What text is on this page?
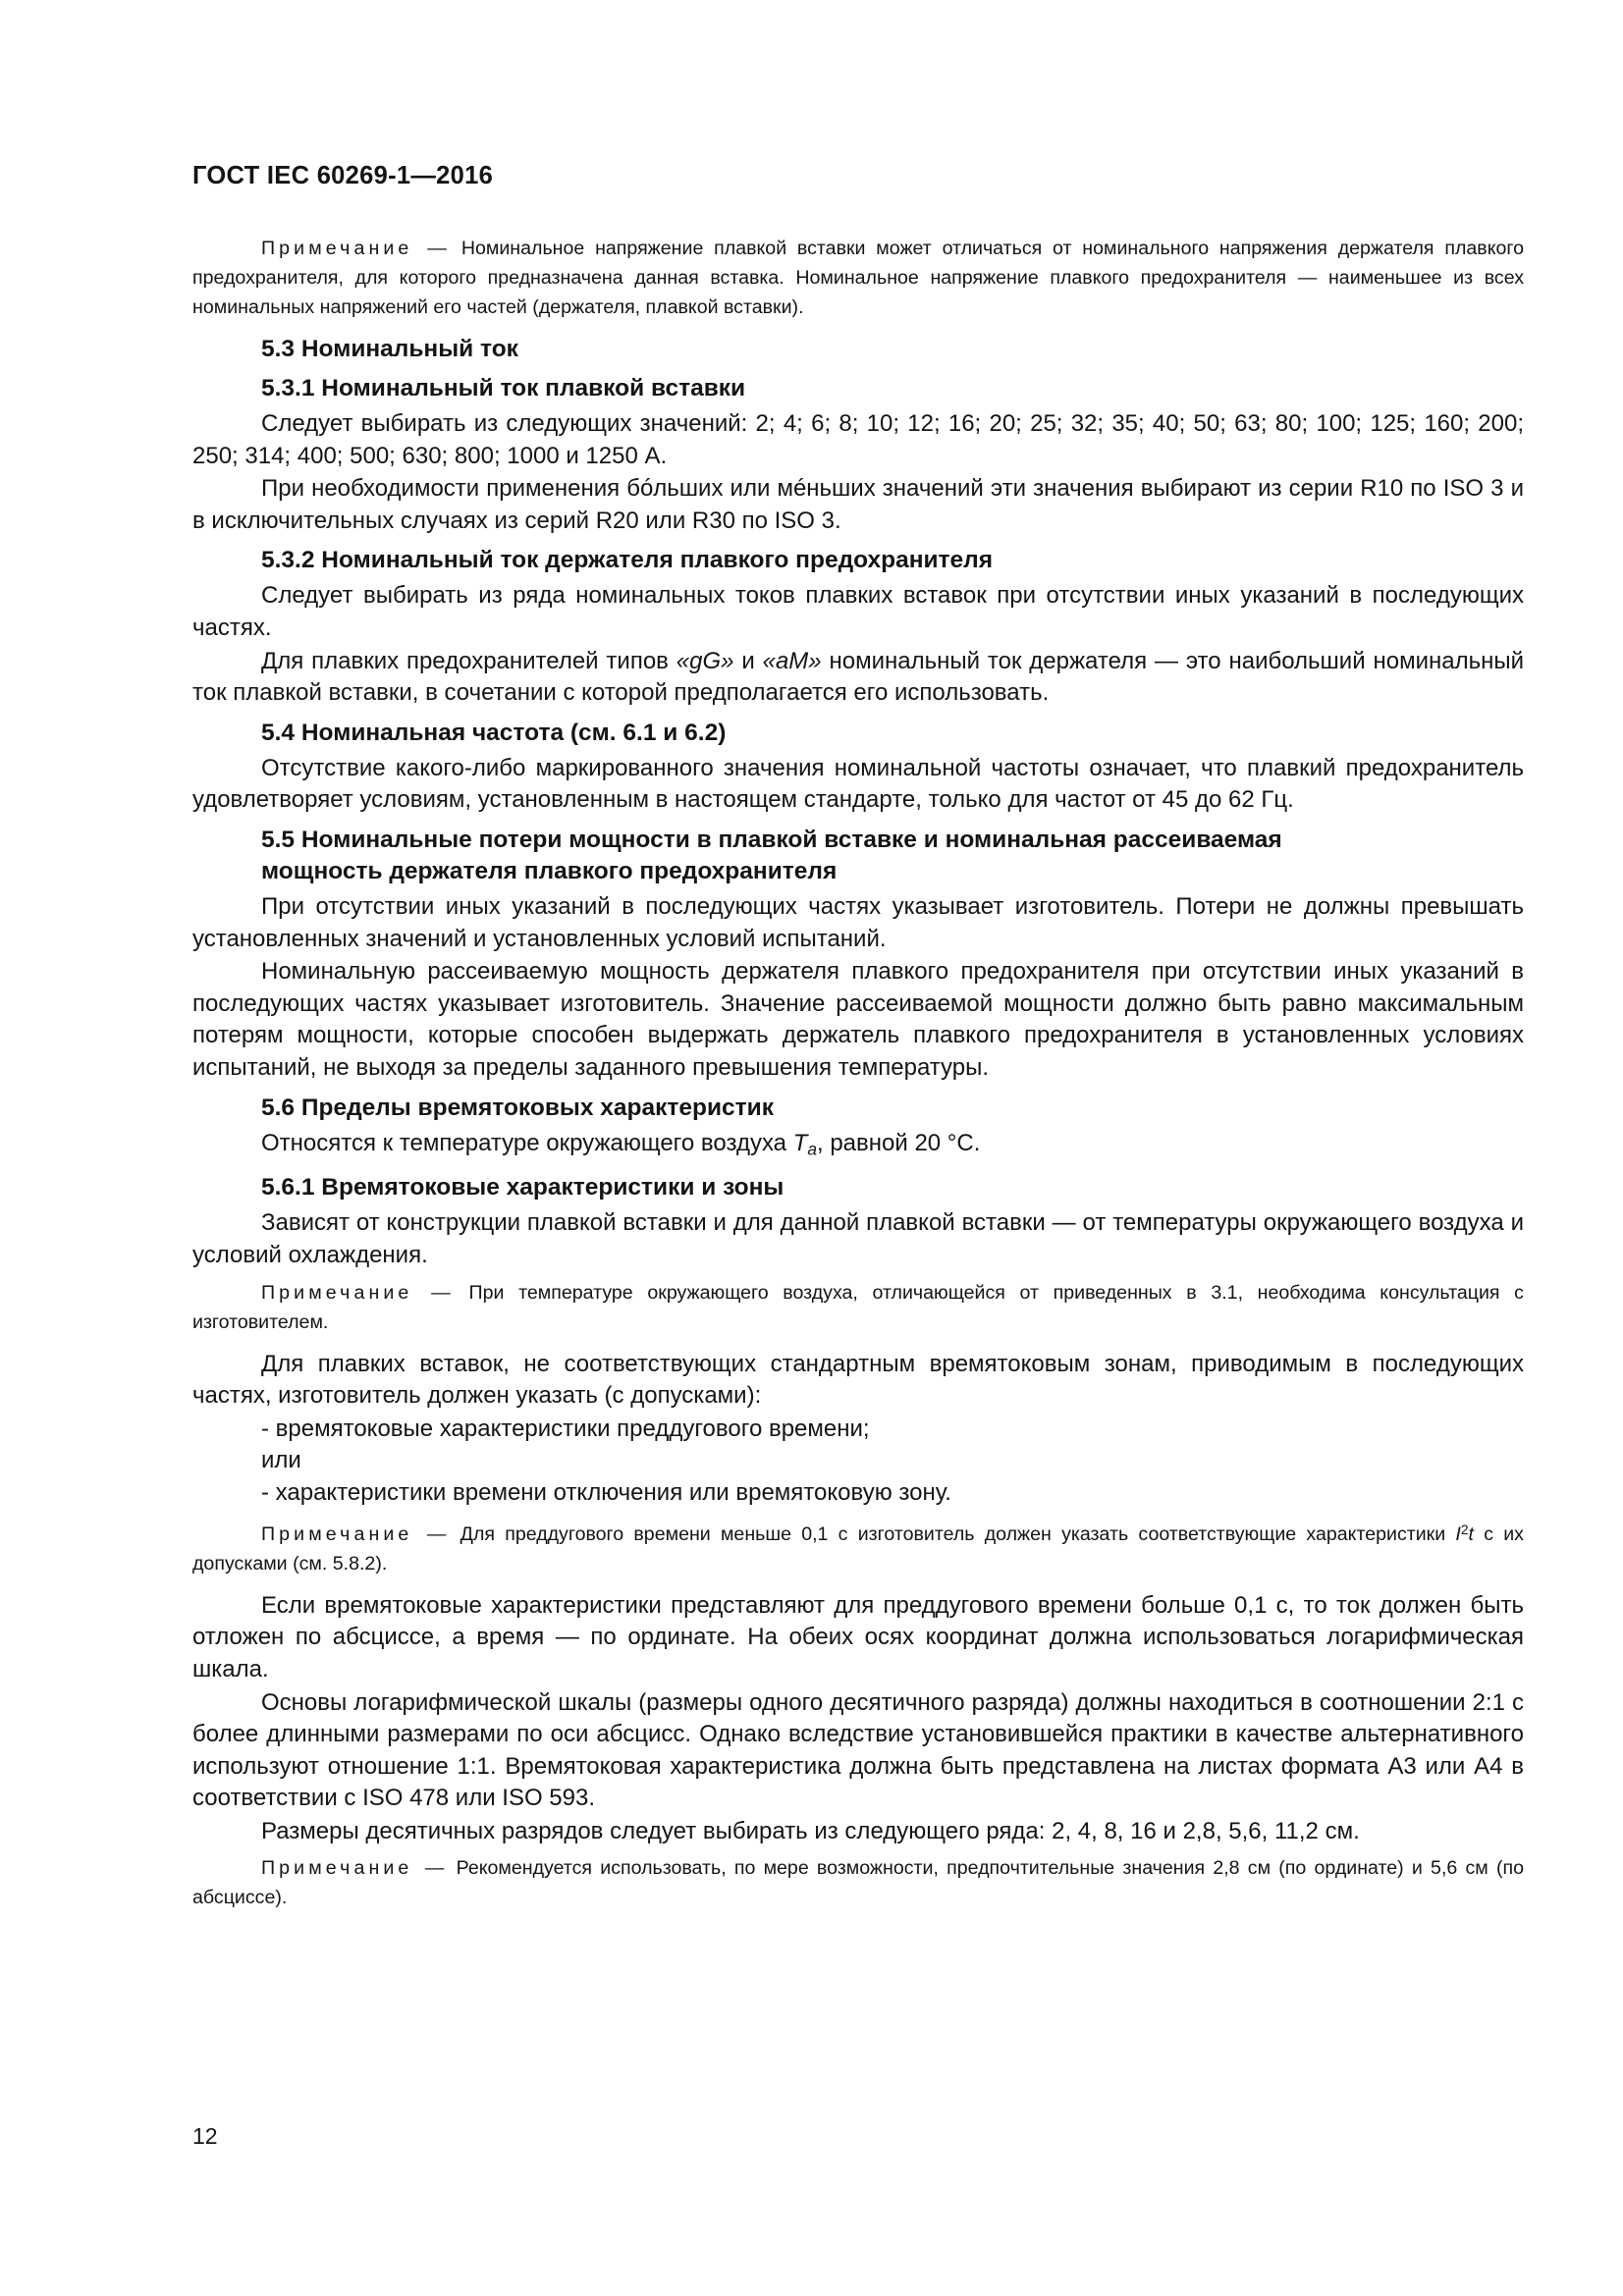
ГОСТ IEC 60269-1—2016

Примечание — Номинальное напряжение плавкой вставки может отличаться от номинального напряжения держателя плавкого предохранителя, для которого предназначена данная вставка. Номинальное напряжение плавкого предохранителя — наименьшее из всех номинальных напряжений его частей (держателя, плавкой вставки).

5.3 Номинальный ток
5.3.1 Номинальный ток плавкой вставки

Следует выбирать из следующих значений: 2; 4; 6; 8; 10; 12; 16; 20; 25; 32; 35; 40; 50; 63; 80; 100; 125; 160; 200; 250; 314; 400; 500; 630; 800; 1000 и 1250 А.

При необходимости применения бóльших или мéньших значений эти значения выбирают из серии R10 по ISO 3 и в исключительных случаях из серий R20 или R30 по ISO 3.

5.3.2 Номинальный ток держателя плавкого предохранителя

Следует выбирать из ряда номинальных токов плавких вставок при отсутствии иных указаний в последующих частях.

Для плавких предохранителей типов «gG» и «aM» номинальный ток держателя — это наибольший номинальный ток плавкой вставки, в сочетании с которой предполагается его использовать.

5.4 Номинальная частота (см. 6.1 и 6.2)

Отсутствие какого-либо маркированного значения номинальной частоты означает, что плавкий предохранитель удовлетворяет условиям, установленным в настоящем стандарте, только для частот от 45 до 62 Гц.

5.5 Номинальные потери мощности в плавкой вставке и номинальная рассеиваемая
мощность держателя плавкого предохранителя

При отсутствии иных указаний в последующих частях указывает изготовитель. Потери не должны превышать установленных значений и установленных условий испытаний.

Номинальную рассеиваемую мощность держателя плавкого предохранителя при отсутствии иных указаний в последующих частях указывает изготовитель. Значение рассеиваемой мощности должно быть равно максимальным потерям мощности, которые способен выдержать держатель плавкого предохранителя в установленных условиях испытаний, не выходя за пределы заданного превышения температуры.

5.6 Пределы времятоковых характеристик

Относятся к температуре окружающего воздуха $T_a$, равной 20 °С.

5.6.1 Времятоковые характеристики и зоны

Зависят от конструкции плавкой вставки и для данной плавкой вставки — от температуры окружающего воздуха и условий охлаждения.

Примечание — При температуре окружающего воздуха, отличающейся от приведенных в 3.1, необходима консультация с изготовителем.

Для плавких вставок, не соответствующих стандартным времятоковым зонам, приводимым в последующих частях, изготовитель должен указать (с допусками):

- времятоковые характеристики преддугового времени;

или

- характеристики времени отключения или времятоковую зону.

Примечание — Для преддугового времени меньше 0,1 с изготовитель должен указать соответствующие характеристики $I^2t$ с их допусками (см. 5.8.2).

Если времятоковые характеристики представляют для преддугового времени больше 0,1 с, то ток должен быть отложен по абсциссе, а время — по ординате. На обеих осях координат должна использоваться логарифмическая шкала.

Основы логарифмической шкалы (размеры одного десятичного разряда) должны находиться в соотношении 2:1 с более длинными размерами по оси абсцисс. Однако вследствие установившейся практики в качестве альтернативного используют отношение 1:1. Времятоковая характеристика должна быть представлена на листах формата А3 или А4 в соответствии с ISO 478 или ISO 593.

Размеры десятичных разрядов следует выбирать из следующего ряда: 2, 4, 8, 16 и 2,8, 5,6, 11,2 см.

Примечание — Рекомендуется использовать, по мере возможности, предпочтительные значения 2,8 см (по ординате) и 5,6 см (по абсциссе).

12
